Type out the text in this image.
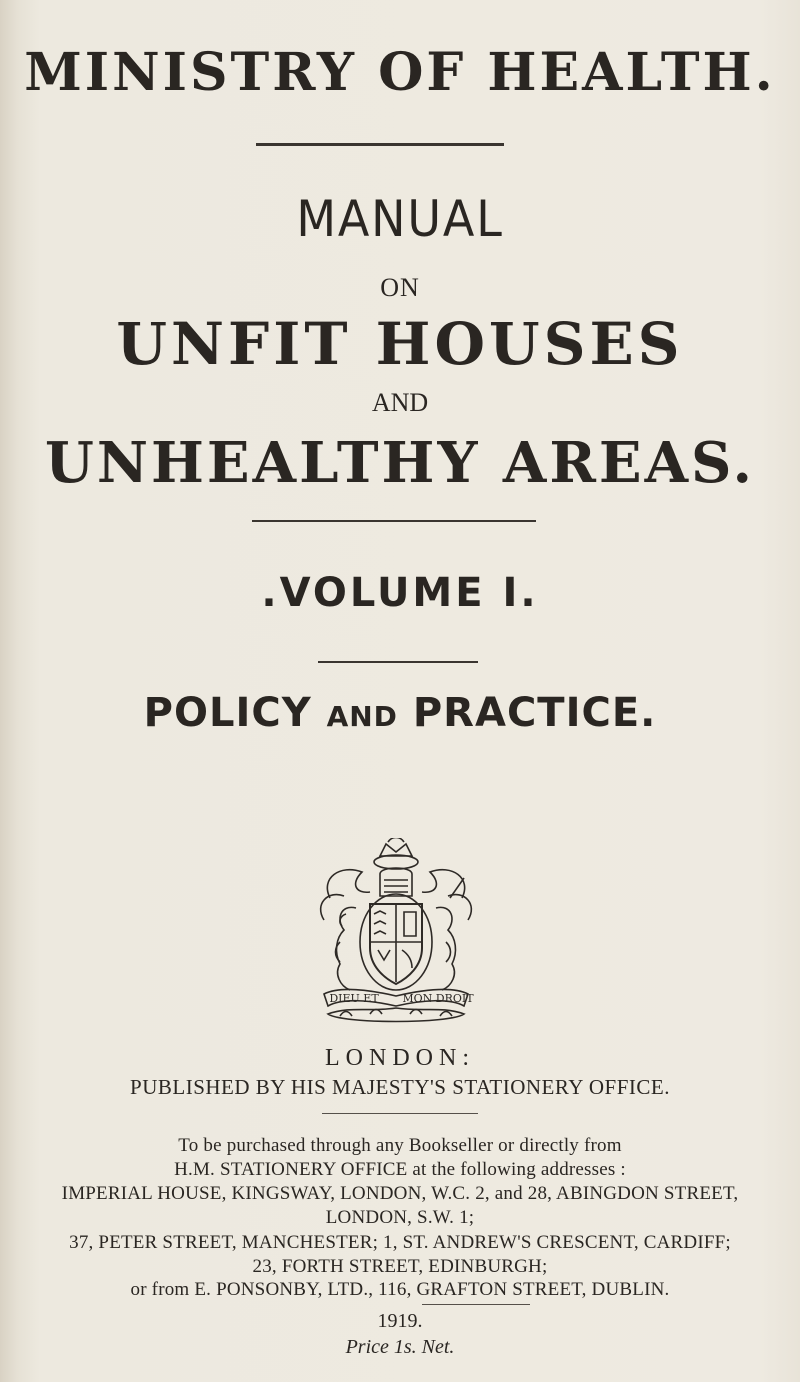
MINISTRY OF HEALTH.
MANUAL
ON
UNFIT HOUSES
AND
UNHEALTHY AREAS.
.VOLUME I.
POLICY AND PRACTICE.
DIEU ET MON DROIT
LONDON:
PUBLISHED BY HIS MAJESTY'S STATIONERY OFFICE.
To be purchased through any Bookseller or directly from
H.M. STATIONERY OFFICE at the following addresses :
IMPERIAL HOUSE, KINGSWAY, LONDON, W.C. 2, and 28, ABINGDON STREET,
LONDON, S.W. 1;
37, PETER STREET, MANCHESTER; 1, ST. ANDREW'S CRESCENT, CARDIFF;
23, FORTH STREET, EDINBURGH;
or from E. PONSONBY, LTD., 116, GRAFTON STREET, DUBLIN.
1919.
Price 1s. Net.
